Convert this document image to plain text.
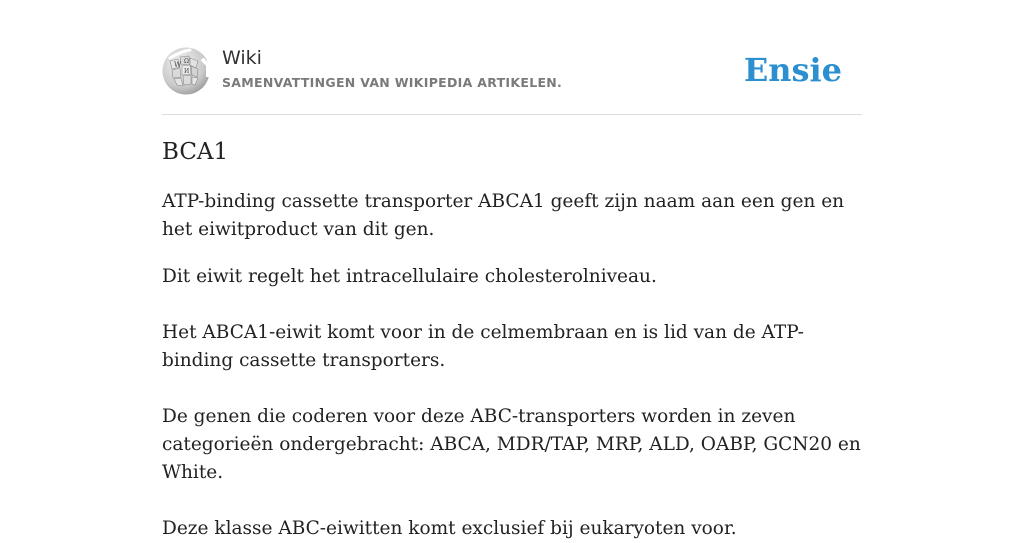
W Ω
И
Wiki
SAMENVATTINGEN VAN WIKIPEDIA ARTIKELEN.	Ensie
BCA1

ATP-binding cassette transporter ABCA1 geeft zijn naam aan een gen en het eiwitproduct van dit gen.

Dit eiwit regelt het intracellulaire cholesterolniveau.

Het ABCA1-eiwit komt voor in de celmembraan en is lid van de ATP-binding cassette transporters.

De genen die coderen voor deze ABC-transporters worden in zeven categorieën ondergebracht: ABCA, MDR/TAP, MRP, ALD, OABP, GCN20 en White.

Deze klasse ABC-eiwitten komt exclusief bij eukaryoten voor.
